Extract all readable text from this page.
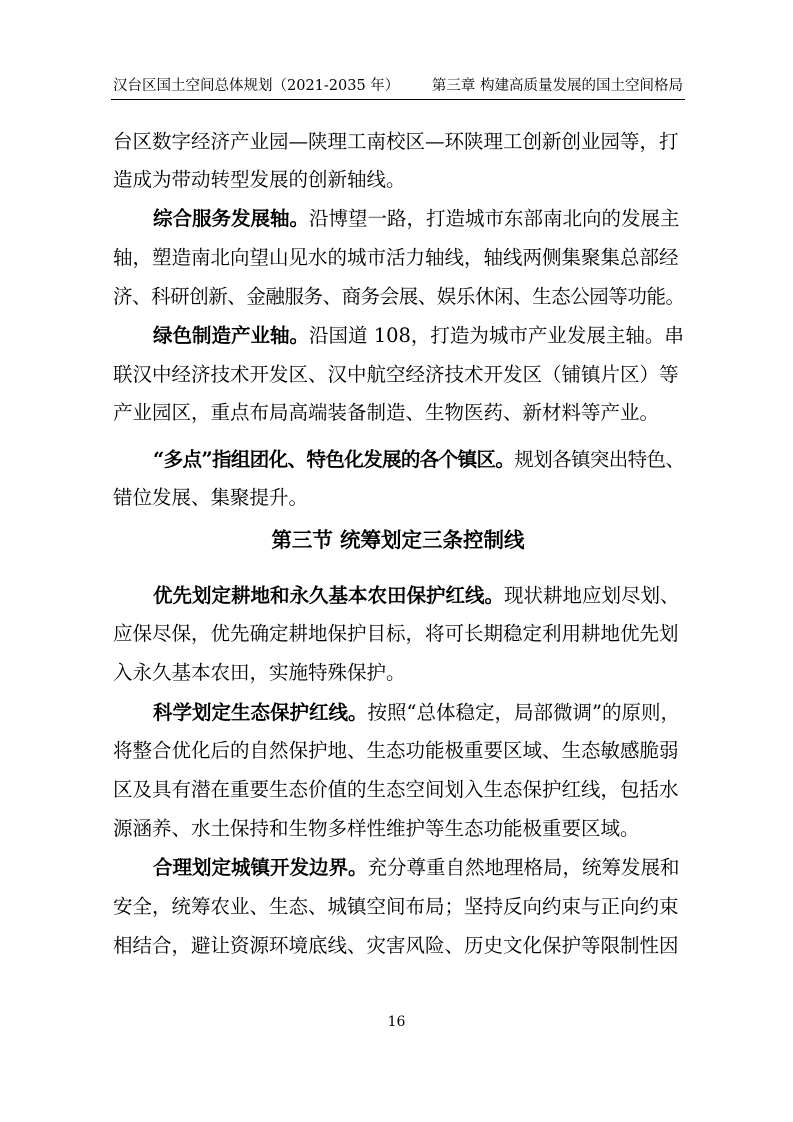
汉台区国土空间总体规划（2021-2035 年） 第三章 构建高质量发展的国土空间格局
台区数字经济产业园—陕理工南校区—环陕理工创新创业园等，打
造成为带动转型发展的创新轴线。
综合服务发展轴。沿博望一路，打造城市东部南北向的发展主
轴，塑造南北向望山见水的城市活力轴线，轴线两侧集聚集总部经
济、科研创新、金融服务、商务会展、娱乐休闲、生态公园等功能。
绿色制造产业轴。沿国道 108，打造为城市产业发展主轴。串
联汉中经济技术开发区、汉中航空经济技术开发区（铺镇片区）等
产业园区，重点布局高端装备制造、生物医药、新材料等产业。
“多点”指组团化、特色化发展的各个镇区。规划各镇突出特色、
错位发展、集聚提升。
第三节 统筹划定三条控制线
优先划定耕地和永久基本农田保护红线。现状耕地应划尽划、
应保尽保，优先确定耕地保护目标，将可长期稳定利用耕地优先划
入永久基本农田，实施特殊保护。
科学划定生态保护红线。按照“总体稳定，局部微调”的原则，
将整合优化后的自然保护地、生态功能极重要区域、生态敏感脆弱
区及具有潜在重要生态价值的生态空间划入生态保护红线，包括水
源涵养、水土保持和生物多样性维护等生态功能极重要区域。
合理划定城镇开发边界。充分尊重自然地理格局，统筹发展和
安全，统筹农业、生态、城镇空间布局；坚持反向约束与正向约束
相结合，避让资源环境底线、灾害风险、历史文化保护等限制性因
16
